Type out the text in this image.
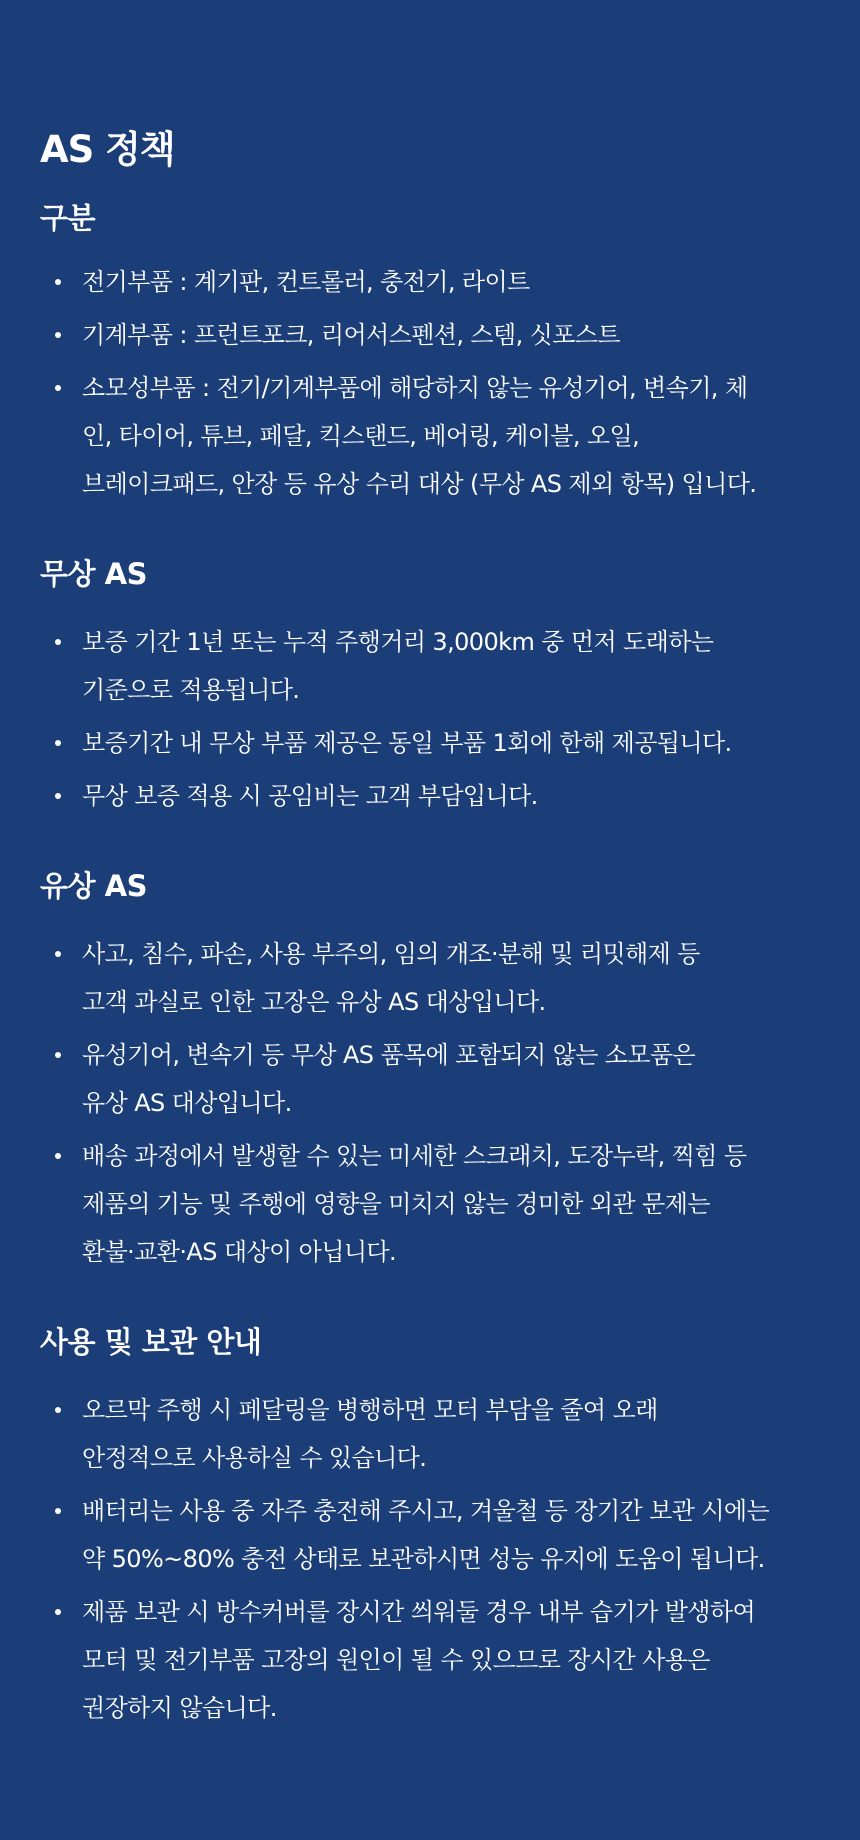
AS 정책
구분
전기부품 : 계기판, 컨트롤러, 충전기, 라이트
기계부품 : 프런트포크, 리어서스펜션, 스템, 싯포스트
소모성부품 : 전기/기계부품에 해당하지 않는 유성기어, 변속기, 체
인, 타이어, 튜브, 페달, 킥스탠드, 베어링, 케이블, 오일,
브레이크패드, 안장 등 유상 수리 대상 (무상 AS 제외 항목) 입니다.
무상 AS
보증 기간 1년 또는 누적 주행거리 3,000km 중 먼저 도래하는
기준으로 적용됩니다.
보증기간 내 무상 부품 제공은 동일 부품 1회에 한해 제공됩니다.
무상 보증 적용 시 공임비는 고객 부담입니다.
유상 AS
사고, 침수, 파손, 사용 부주의, 임의 개조·분해 및 리밋해제 등
고객 과실로 인한 고장은 유상 AS 대상입니다.
유성기어, 변속기 등 무상 AS 품목에 포함되지 않는 소모품은
유상 AS 대상입니다.
배송 과정에서 발생할 수 있는 미세한 스크래치, 도장누락, 찍힘 등
제품의 기능 및 주행에 영향을 미치지 않는 경미한 외관 문제는
환불·교환·AS 대상이 아닙니다.
사용 및 보관 안내
오르막 주행 시 페달링을 병행하면 모터 부담을 줄여 오래
안정적으로 사용하실 수 있습니다.
배터리는 사용 중 자주 충전해 주시고, 겨울철 등 장기간 보관 시에는
약 50%~80% 충전 상태로 보관하시면 성능 유지에 도움이 됩니다.
제품 보관 시 방수커버를 장시간 씌워둘 경우 내부 습기가 발생하여
모터 및 전기부품 고장의 원인이 될 수 있으므로 장시간 사용은
권장하지 않습니다.
